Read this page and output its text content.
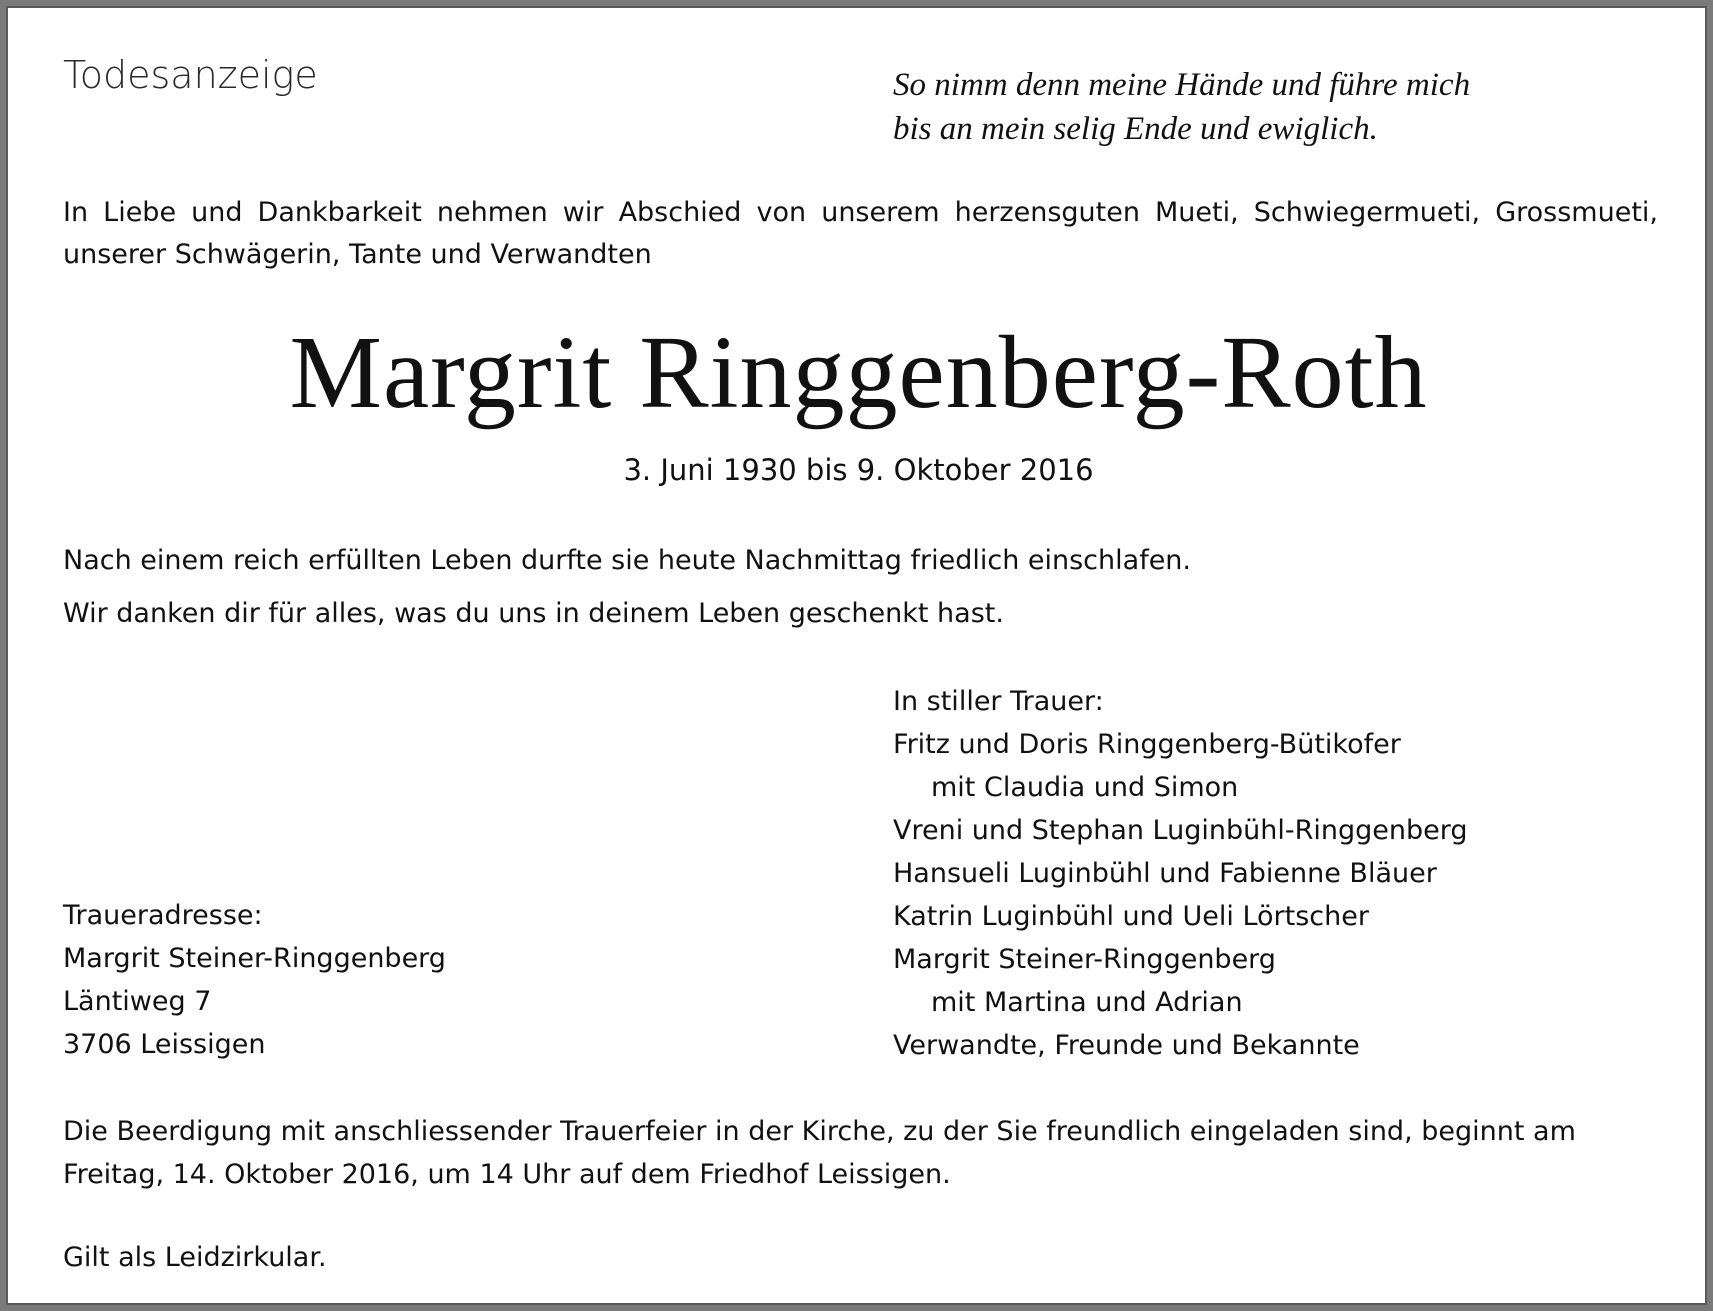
Todesanzeige	So nimm denn meine Hände und führe mich
bis an mein selig Ende und ewiglich.
In Liebe und Dankbarkeit nehmen wir Abschied von unserem herzensguten Mueti, Schwiegermueti, Grossmueti, unserer Schwägerin, Tante und Verwandten
Margrit Ringgenberg-Roth
3. Juni 1930 bis 9. Oktober 2016
Nach einem reich erfüllten Leben durfte sie heute Nachmittag friedlich einschlafen.
Wir danken dir für alles, was du uns in deinem Leben geschenkt hast.
In stiller Trauer:
Fritz und Doris Ringgenberg-Bütikofer
mit Claudia und Simon
Vreni und Stephan Luginbühl-Ringgenberg
Hansueli Luginbühl und Fabienne Bläuer
Katrin Luginbühl und Ueli Lörtscher
Margrit Steiner-Ringgenberg
mit Martina und Adrian
Verwandte, Freunde und Bekannte
Traueradresse:
Margrit Steiner-Ringgenberg
Läntiweg 7
3706 Leissigen
Die Beerdigung mit anschliessender Trauerfeier in der Kirche, zu der Sie freundlich eingeladen sind, beginnt am
Freitag, 14. Oktober 2016, um 14 Uhr auf dem Friedhof Leissigen.
Gilt als Leidzirkular.
